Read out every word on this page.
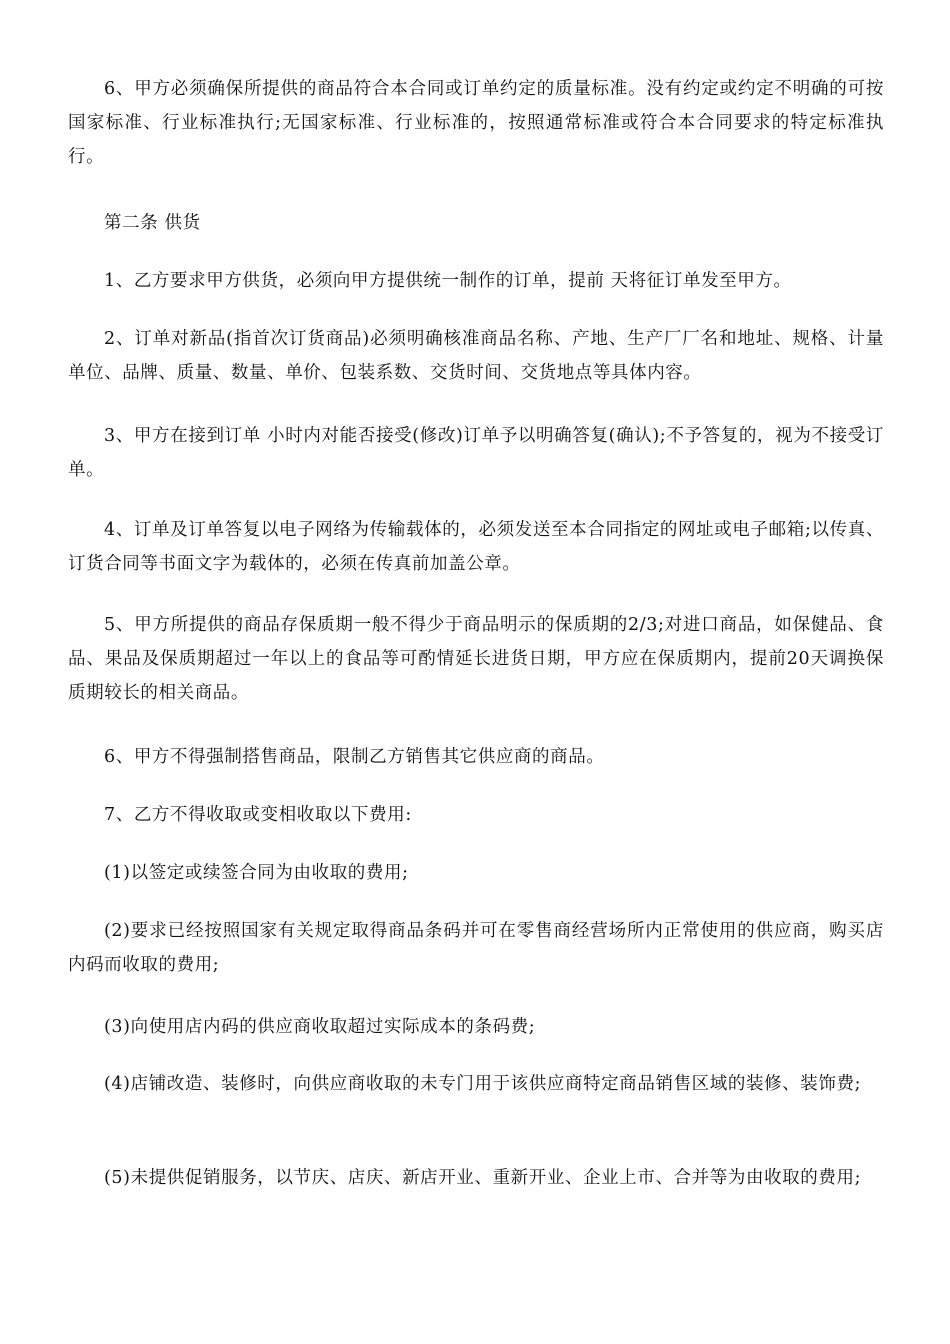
6、甲方必须确保所提供的商品符合本合同或订单约定的质量标准。没有约定或约定不明确的可按国家标准、行业标准执行;无国家标准、行业标准的，按照通常标准或符合本合同要求的特定标准执行。

第二条 供货

1、乙方要求甲方供货，必须向甲方提供统一制作的订单，提前 天将征订单发至甲方。

2、订单对新品(指首次订货商品)必须明确核准商品名称、产地、生产厂厂名和地址、规格、计量单位、品牌、质量、数量、单价、包装系数、交货时间、交货地点等具体内容。

3、甲方在接到订单 小时内对能否接受(修改)订单予以明确答复(确认);不予答复的，视为不接受订单。

4、订单及订单答复以电子网络为传输载体的，必须发送至本合同指定的网址或电子邮箱;以传真、订货合同等书面文字为载体的，必须在传真前加盖公章。

5、甲方所提供的商品存保质期一般不得少于商品明示的保质期的2/3;对进口商品，如保健品、食品、果品及保质期超过一年以上的食品等可酌情延长进货日期，甲方应在保质期内，提前20天调换保质期较长的相关商品。

6、甲方不得强制搭售商品，限制乙方销售其它供应商的商品。

7、乙方不得收取或变相收取以下费用:

(1)以签定或续签合同为由收取的费用;

(2)要求已经按照国家有关规定取得商品条码并可在零售商经营场所内正常使用的供应商，购买店内码而收取的费用;

(3)向使用店内码的供应商收取超过实际成本的条码费;

(4)店铺改造、装修时，向供应商收取的未专门用于该供应商特定商品销售区域的装修、装饰费;

(5)未提供促销服务，以节庆、店庆、新店开业、重新开业、企业上市、合并等为由收取的费用;
